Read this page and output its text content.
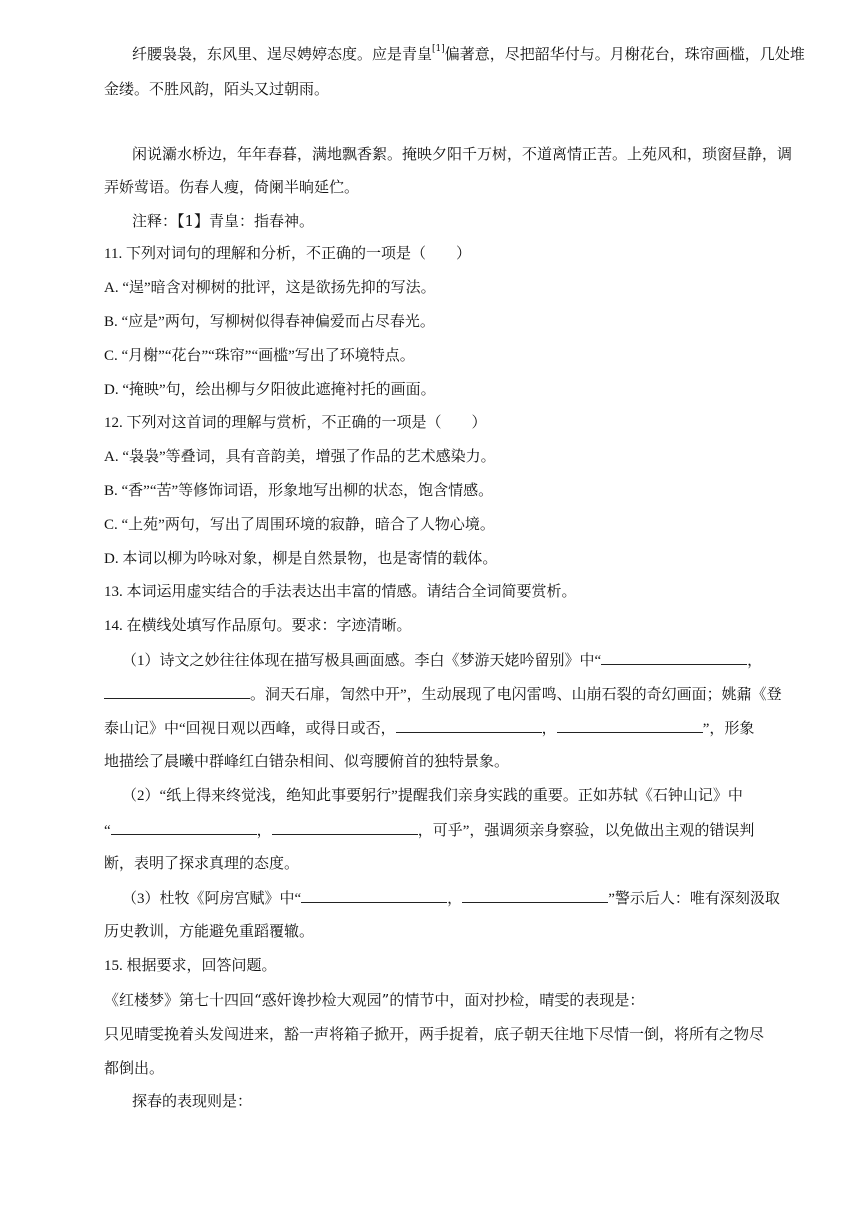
纤腰袅袅，东风里、逞尽娉婷态度。应是青皇[1]偏著意，尽把韶华付与。月榭花台，珠帘画槛，几处堆
金缕。不胜风韵，陌头又过朝雨。
闲说灞水桥边，年年春暮，满地飘香絮。掩映夕阳千万树，不道离情正苦。上苑风和，琐窗昼静，调
弄娇莺语。伤春人瘦，倚阑半晌延伫。
注释：【1】青皇：指春神。
11. 下列对词句的理解和分析，不正确的一项是（　　）
A. “逞”暗含对柳树的批评，这是欲扬先抑的写法。
B. “应是”两句，写柳树似得春神偏爱而占尽春光。
C. “月榭”“花台”“珠帘”“画槛”写出了环境特点。
D. “掩映”句，绘出柳与夕阳彼此遮掩衬托的画面。
12. 下列对这首词的理解与赏析，不正确的一项是（　　）
A. “袅袅”等叠词，具有音韵美，增强了作品的艺术感染力。
B. “香”“苦”等修饰词语，形象地写出柳的状态，饱含情感。
C. “上苑”两句，写出了周围环境的寂静，暗合了人物心境。
D. 本词以柳为吟咏对象，柳是自然景物，也是寄情的载体。
13. 本词运用虚实结合的手法表达出丰富的情感。请结合全词简要赏析。
14. 在横线处填写作品原句。要求：字迹清晰。
（1）诗文之妙往往体现在描写极具画面感。李白《梦游天姥吟留别》中“	，
。洞天石扉，訇然中开”，生动展现了电闪雷鸣、山崩石裂的奇幻画面；姚鼐《登
泰山记》中“回视日观以西峰，或得日或否，	，	”，形象
地描绘了晨曦中群峰红白错杂相间、似弯腰俯首的独特景象。
（2）“纸上得来终觉浅，绝知此事要躬行”提醒我们亲身实践的重要。正如苏轼《石钟山记》中
“	，	，可乎”，强调须亲身察验，以免做出主观的错误判
断，表明了探求真理的态度。
（3）杜牧《阿房宫赋》中“	，	”警示后人：唯有深刻汲取
历史教训，方能避免重蹈覆辙。
15. 根据要求，回答问题。
《红楼梦》第七十四回“惑奸谗抄检大观园”的情节中，面对抄检，晴雯的表现是：
只见晴雯挽着头发闯进来，豁一声将箱子掀开，两手捉着，底子朝天往地下尽情一倒，将所有之物尽
都倒出。
探春的表现则是：
